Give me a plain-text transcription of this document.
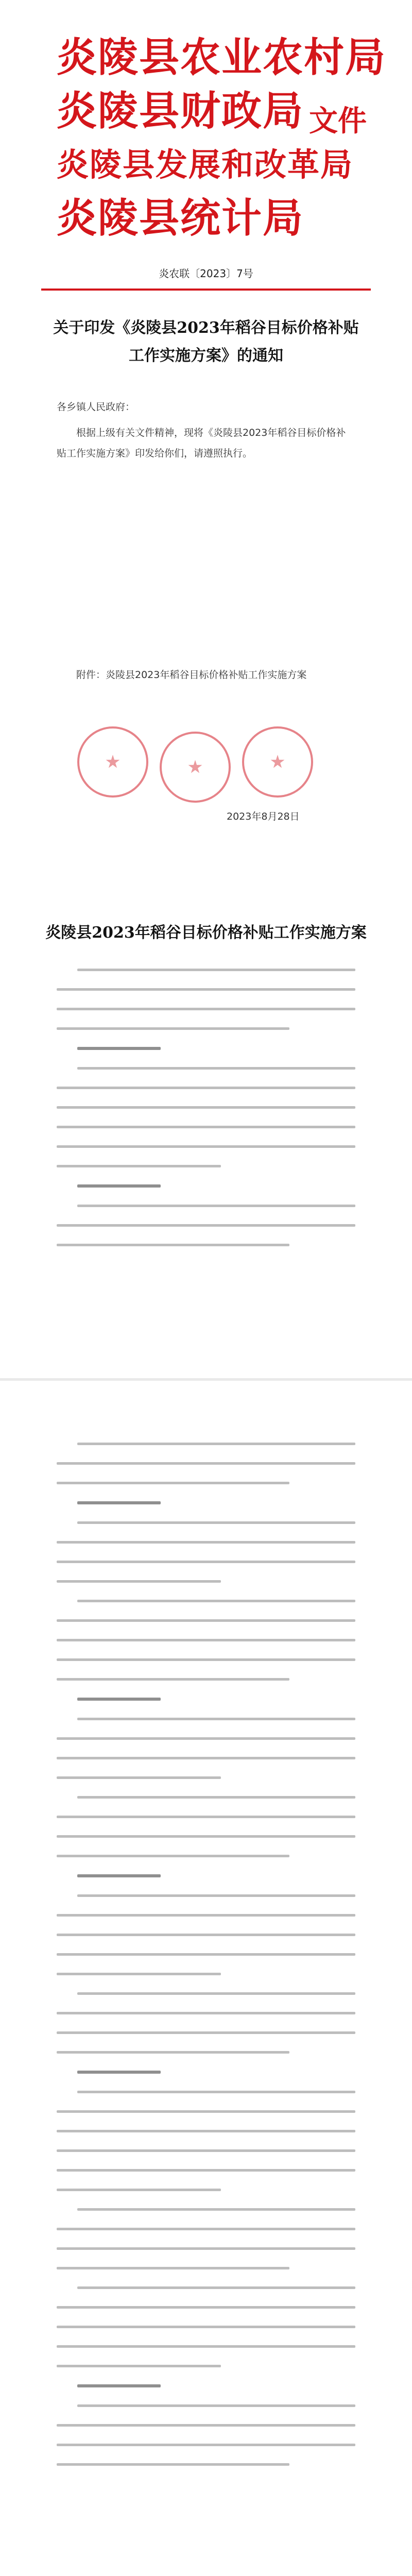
炎陵县农业农村局
炎陵县财政局
炎陵县发展和改革局
炎陵县统计局
文件
炎农联〔2023〕7号
关于印发《炎陵县2023年稻谷目标价格补贴
工作实施方案》的通知
各乡镇人民政府：
根据上级有关文件精神，现将《炎陵县2023年稻谷目标价格补贴工作实施方案》印发给你们，请遵照执行。
附件：炎陵县2023年稻谷目标价格补贴工作实施方案
2023年8月28日
炎陵县2023年稻谷目标价格补贴工作实施方案
